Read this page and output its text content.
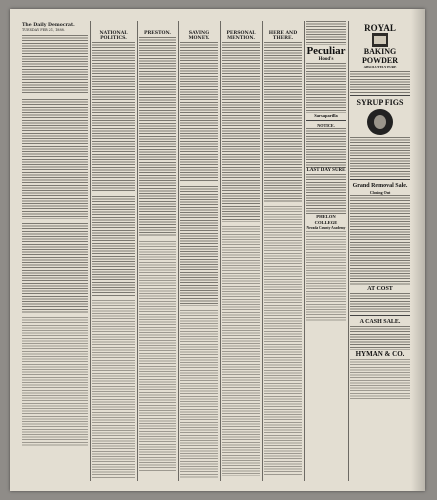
The Daily Democrat.
TUESDAY FEB 21, 1888.
NATIONAL POLITICS.
PRESTON.	SAVING MONEY.
PERSONAL MENTION.
HERE AND THERE.
Peculiar
Hood's
Sarsaparilla
NOTICE.
LAST DAY SURE
PHELON COLLEGE
Nevada County Academy
ROYAL
BAKING
POWDER
ABSOLUTELY PURE
SYRUP FIGS
Grand Removal Sale.
Closing Out
AT COST
A CASH SALE.
HYMAN & CO.
